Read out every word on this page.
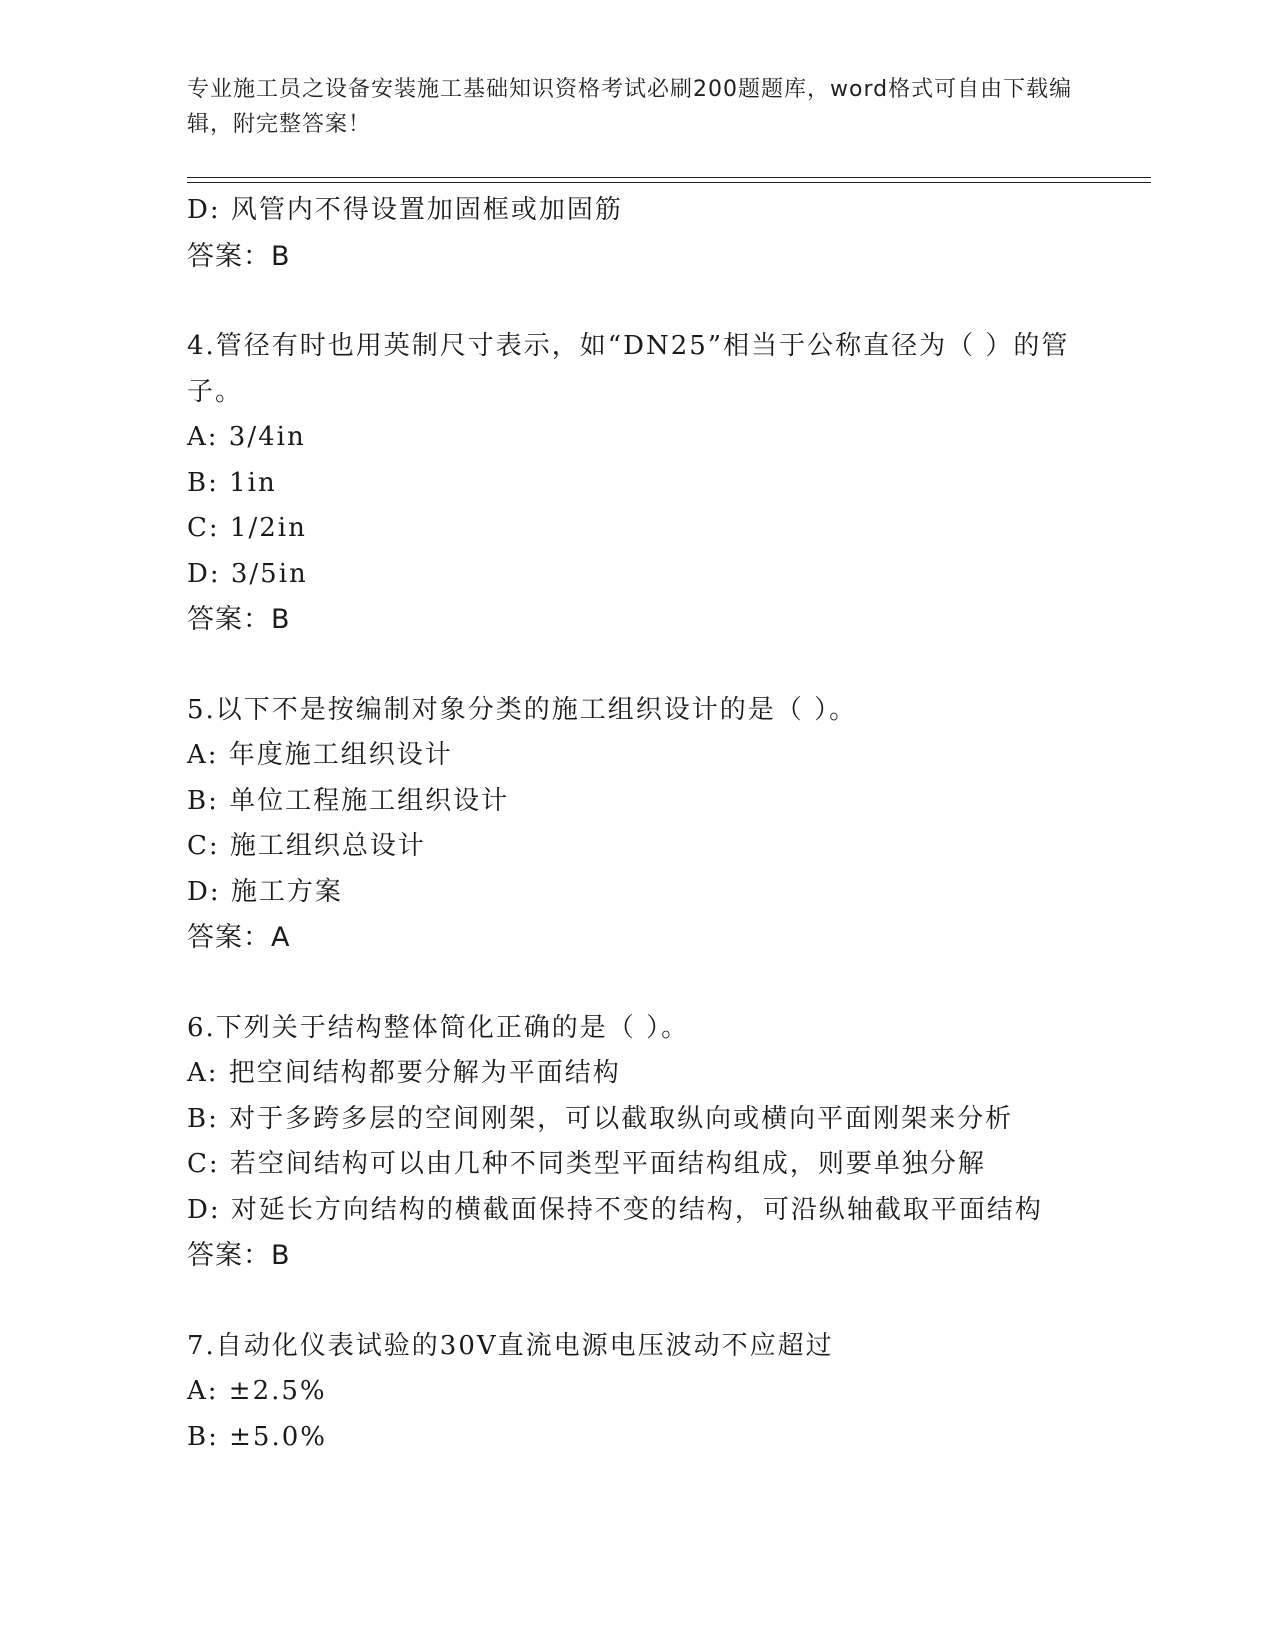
专业施工员之设备安装施工基础知识资格考试必刷200题题库，word格式可自由下载编辑，附完整答案！
D: 风管内不得设置加固框或加固筋
答案：B
4.管径有时也用英制尺寸表示，如“DN25”相当于公称直径为（ ）的管子。
A: 3/4in
B: 1in
C: 1/2in
D: 3/5in
答案：B
5.以下不是按编制对象分类的施工组织设计的是（ ）。
A: 年度施工组织设计
B: 单位工程施工组织设计
C: 施工组织总设计
D: 施工方案
答案：A
6.下列关于结构整体简化正确的是（ ）。
A: 把空间结构都要分解为平面结构
B: 对于多跨多层的空间刚架，可以截取纵向或横向平面刚架来分析
C: 若空间结构可以由几种不同类型平面结构组成，则要单独分解
D: 对延长方向结构的横截面保持不变的结构，可沿纵轴截取平面结构
答案：B
7.自动化仪表试验的30V直流电源电压波动不应超过
A: ±2.5%
B: ±5.0%
